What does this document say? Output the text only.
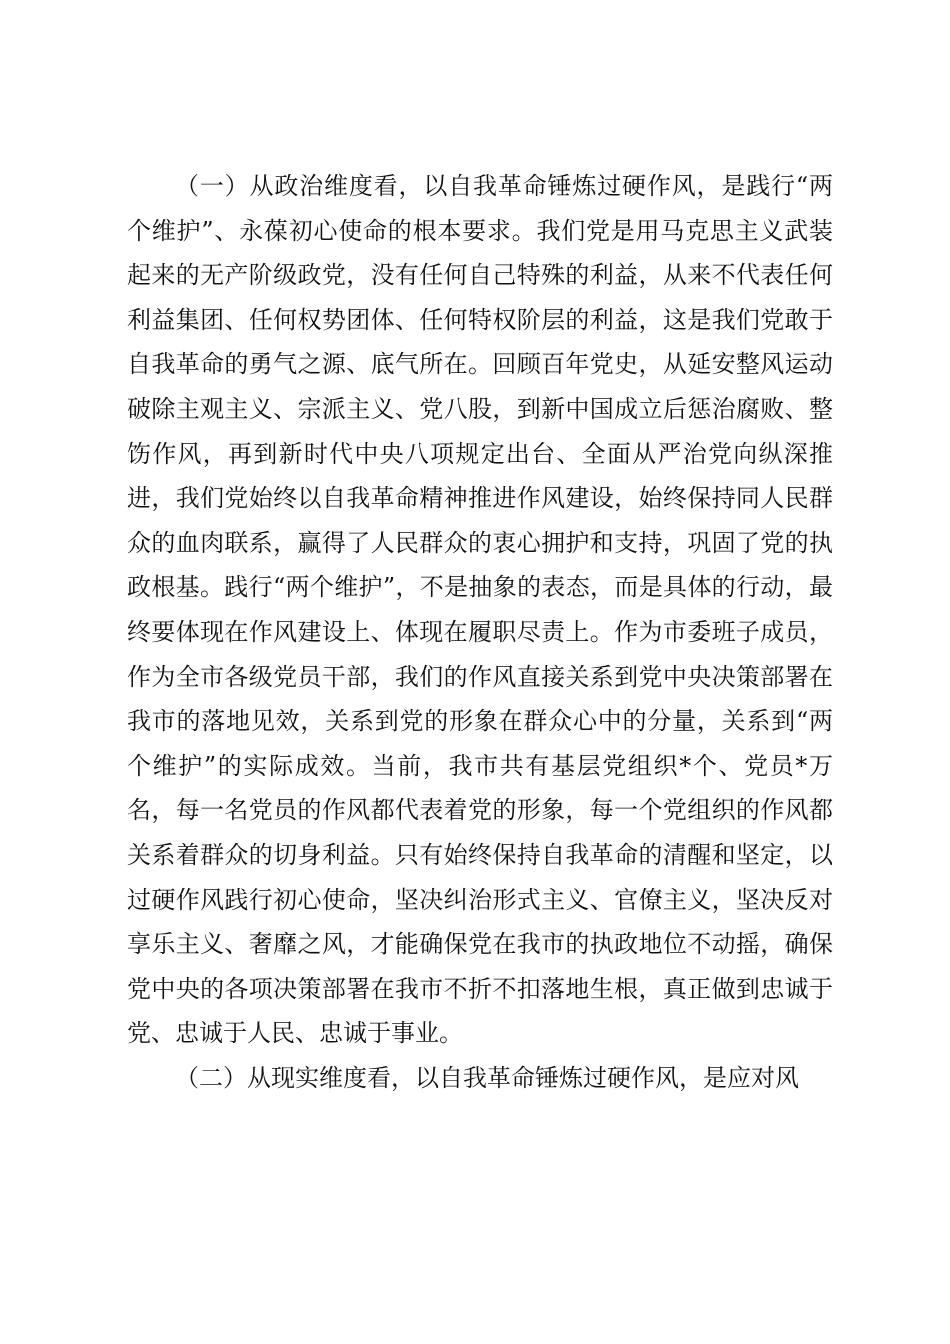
（一）从政治维度看，以自我革命锤炼过硬作风，是践行“两个维护”、永葆初心使命的根本要求。我们党是用马克思主义武装起来的无产阶级政党，没有任何自己特殊的利益，从来不代表任何利益集团、任何权势团体、任何特权阶层的利益，这是我们党敢于自我革命的勇气之源、底气所在。回顾百年党史，从延安整风运动破除主观主义、宗派主义、党八股，到新中国成立后惩治腐败、整饬作风，再到新时代中央八项规定出台、全面从严治党向纵深推进，我们党始终以自我革命精神推进作风建设，始终保持同人民群众的血肉联系，赢得了人民群众的衷心拥护和支持，巩固了党的执政根基。践行“两个维护”，不是抽象的表态，而是具体的行动，最终要体现在作风建设上、体现在履职尽责上。作为市委班子成员，作为全市各级党员干部，我们的作风直接关系到党中央决策部署在我市的落地见效，关系到党的形象在群众心中的分量，关系到“两个维护”的实际成效。当前，我市共有基层党组织*个、党员*万名，每一名党员的作风都代表着党的形象，每一个党组织的作风都关系着群众的切身利益。只有始终保持自我革命的清醒和坚定，以过硬作风践行初心使命，坚决纠治形式主义、官僚主义，坚决反对享乐主义、奢靡之风，才能确保党在我市的执政地位不动摇，确保党中央的各项决策部署在我市不折不扣落地生根，真正做到忠诚于党、忠诚于人民、忠诚于事业。

（二）从现实维度看，以自我革命锤炼过硬作风，是应对风
